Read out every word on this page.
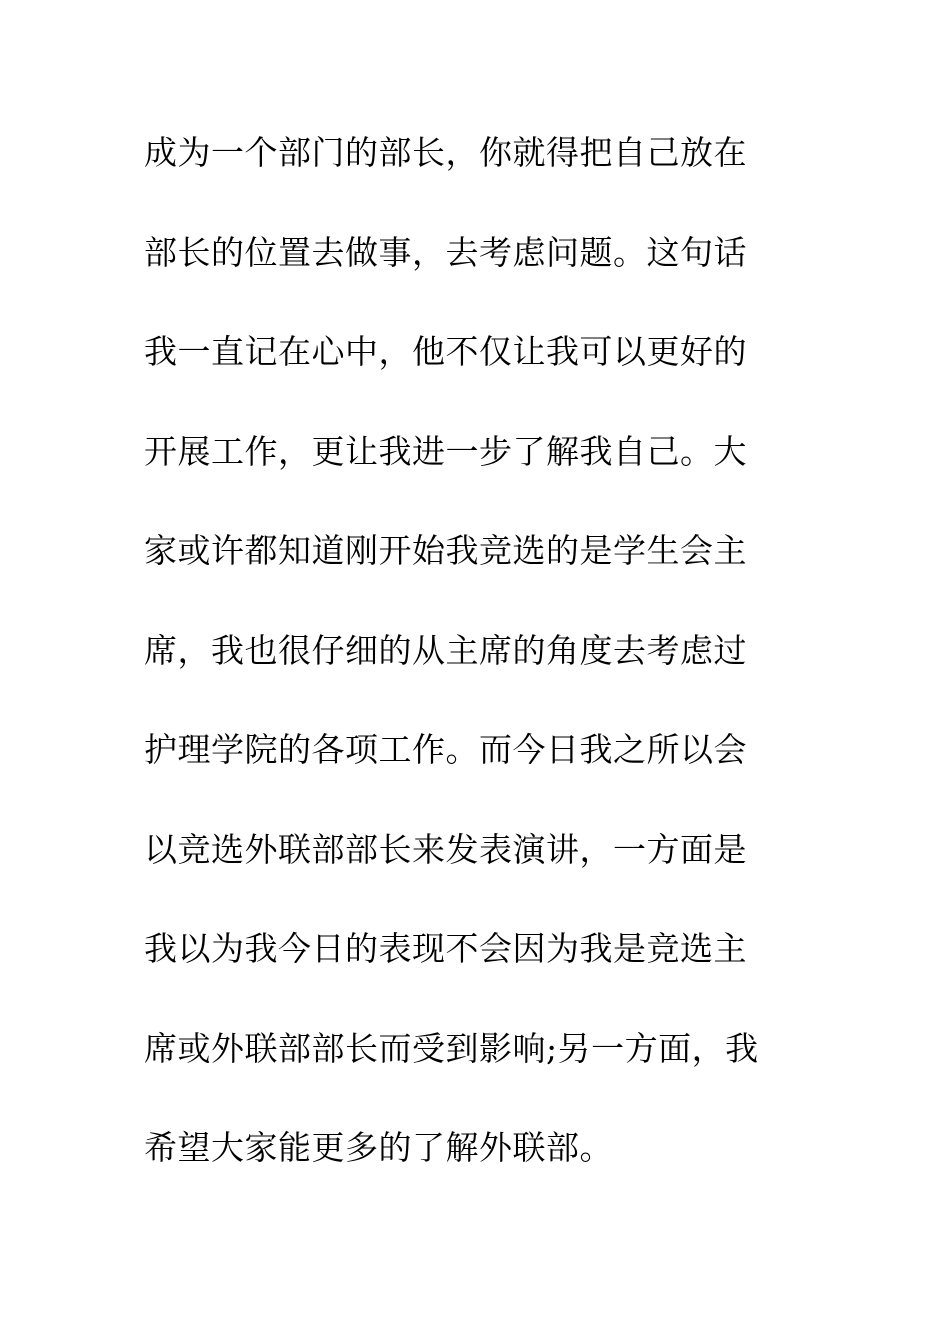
成为一个部门的部长，你就得把自己放在
部长的位置去做事，去考虑问题。这句话
我一直记在心中，他不仅让我可以更好的
开展工作，更让我进一步了解我自己。大
家或许都知道刚开始我竞选的是学生会主
席，我也很仔细的从主席的角度去考虑过
护理学院的各项工作。而今日我之所以会
以竞选外联部部长来发表演讲，一方面是
我以为我今日的表现不会因为我是竞选主
席或外联部部长而受到影响;另一方面，我
希望大家能更多的了解外联部。
